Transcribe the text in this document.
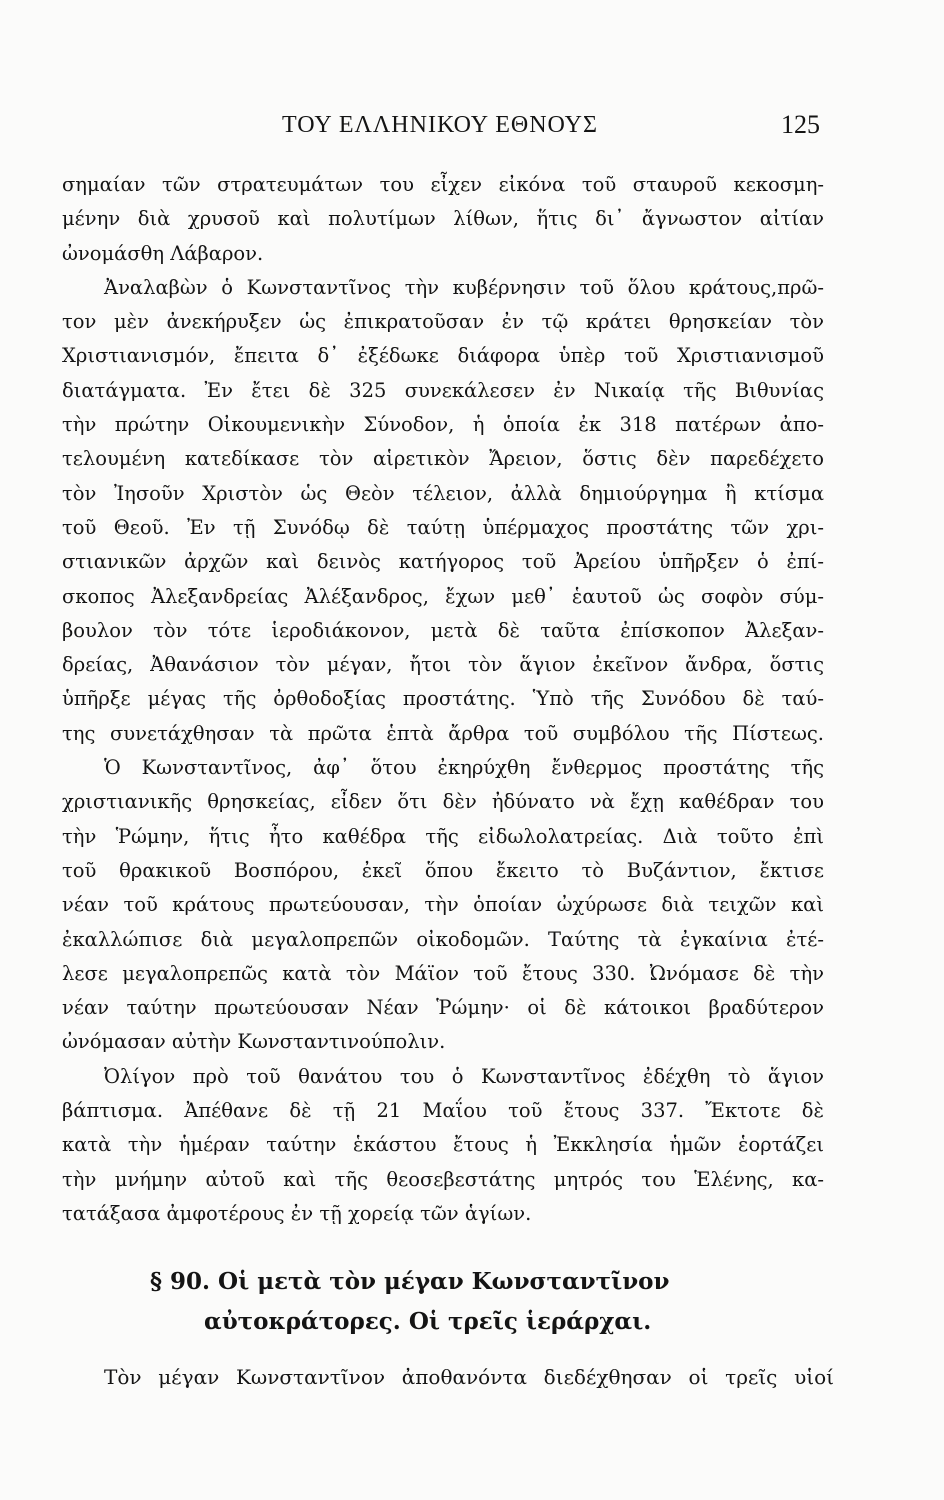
ΤΟΥ ΕΛΛΗΝΙΚΟΥ ΕΘΝΟΥΣ	125
σημαίαν τῶν στρατευμάτων του εἶχεν εἰκόνα τοῦ σταυροῦ κεκοσμη-
μένην διὰ χρυσοῦ καὶ πολυτίμων λίθων, ἥτις δι᾽ ἄγνωστον αἰτίαν
ὠνομάσθη Λάβαρον.
Ἀναλαβὼν ὁ Κωνσταντῖνος τὴν κυβέρνησιν τοῦ ὅλου κράτους,πρῶ-
τον μὲν ἀνεκήρυξεν ὡς ἐπικρατοῦσαν ἐν τῷ κράτει θρησκείαν τὸν
Χριστιανισμόν, ἔπειτα δ᾽ ἐξέδωκε διάφορα ὑπὲρ τοῦ Χριστιανισμοῦ
διατάγματα. Ἐν ἔτει δὲ 325 συνεκάλεσεν ἐν Νικαίᾳ τῆς Βιθυνίας
τὴν πρώτην Οἰκουμενικὴν Σύνοδον, ἡ ὁποία ἐκ 318 πατέρων ἀπο-
τελουμένη κατεδίκασε τὸν αἱρετικὸν Ἄρειον, ὅστις δὲν παρεδέχετο
τὸν Ἰησοῦν Χριστὸν ὡς Θεὸν τέλειον, ἀλλὰ δημιούργημα ἢ κτίσμα
τοῦ Θεοῦ. Ἐν τῇ Συνόδῳ δὲ ταύτῃ ὑπέρμαχος προστάτης τῶν χρι-
στιανικῶν ἀρχῶν καὶ δεινὸς κατήγορος τοῦ Ἀρείου ὑπῆρξεν ὁ ἐπί-
σκοπος Ἀλεξανδρείας Ἀλέξανδρος, ἔχων μεθ᾽ ἑαυτοῦ ὡς σοφὸν σύμ-
βουλον τὸν τότε ἱεροδιάκονον, μετὰ δὲ ταῦτα ἐπίσκοπον Ἀλεξαν-
δρείας, Ἀθανάσιον τὸν μέγαν, ἤτοι τὸν ἅγιον ἐκεῖνον ἄνδρα, ὅστις
ὑπῆρξε μέγας τῆς ὀρθοδοξίας προστάτης. Ὑπὸ τῆς Συνόδου δὲ ταύ-
της συνετάχθησαν τὰ πρῶτα ἑπτὰ ἄρθρα τοῦ συμβόλου τῆς Πίστεως.
Ὁ Κωνσταντῖνος, ἀφ᾽ ὅτου ἐκηρύχθη ἔνθερμος προστάτης τῆς
χριστιανικῆς θρησκείας, εἶδεν ὅτι δὲν ἠδύνατο νὰ ἔχῃ καθέδραν του
τὴν Ῥώμην, ἥτις ἦτο καθέδρα τῆς εἰδωλολατρείας. Διὰ τοῦτο ἐπὶ
τοῦ θρακικοῦ Βοσπόρου, ἐκεῖ ὅπου ἔκειτο τὸ Βυζάντιον, ἔκτισε
νέαν τοῦ κράτους πρωτεύουσαν, τὴν ὁποίαν ὠχύρωσε διὰ τειχῶν καὶ
ἐκαλλώπισε διὰ μεγαλοπρεπῶν οἰκοδομῶν. Ταύτης τὰ ἐγκαίνια ἐτέ-
λεσε μεγαλοπρεπῶς κατὰ τὸν Μάϊον τοῦ ἔτους 330. Ὠνόμασε δὲ τὴν
νέαν ταύτην πρωτεύουσαν Νέαν Ῥώμην· οἱ δὲ κάτοικοι βραδύτερον
ὠνόμασαν αὐτὴν Κωνσταντινούπολιν.
Ὀλίγον πρὸ τοῦ θανάτου του ὁ Κωνσταντῖνος ἐδέχθη τὸ ἅγιον
βάπτισμα. Ἀπέθανε δὲ τῇ 21 Μαΐου τοῦ ἔτους 337. Ἔκτοτε δὲ
κατὰ τὴν ἡμέραν ταύτην ἑκάστου ἔτους ἡ Ἐκκλησία ἡμῶν ἑορτάζει
τὴν μνήμην αὐτοῦ καὶ τῆς θεοσεβεστάτης μητρός του Ἑλένης, κα-
τατάξασα ἀμφοτέρους ἐν τῇ χορείᾳ τῶν ἁγίων.
§ 90. Οἱ μετὰ τὸν μέγαν Κωνσταντῖνον
αὐτοκράτορες. Οἱ τρεῖς ἱεράρχαι.
Τὸν μέγαν Κωνσταντῖνον ἀποθανόντα διεδέχθησαν οἱ τρεῖς υἱοί
